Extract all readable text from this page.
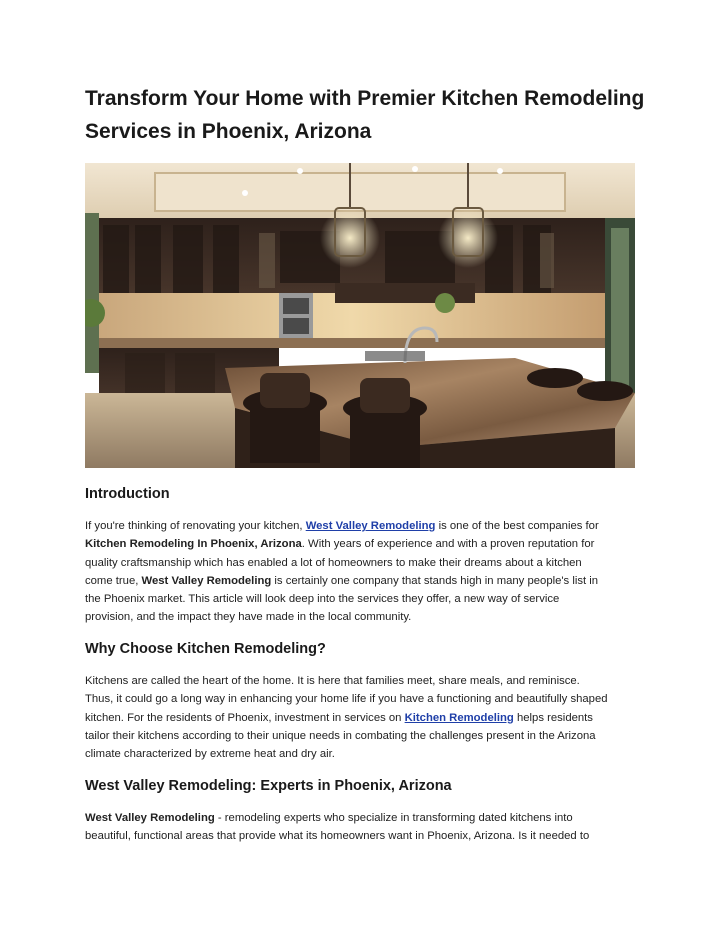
Transform Your Home with Premier Kitchen Remodeling Services in Phoenix, Arizona
Introduction

If you're thinking of renovating your kitchen, West Valley Remodeling is one of the best companies for
Kitchen Remodeling In Phoenix, Arizona. With years of experience and with a proven reputation for
quality craftsmanship which has enabled a lot of homeowners to make their dreams about a kitchen
come true, West Valley Remodeling is certainly one company that stands high in many people's list in
the Phoenix market. This article will look deep into the services they offer, a new way of service
provision, and the impact they have made in the local community.

Why Choose Kitchen Remodeling?

Kitchens are called the heart of the home. It is here that families meet, share meals, and reminisce.
Thus, it could go a long way in enhancing your home life if you have a functioning and beautifully shaped
kitchen. For the residents of Phoenix, investment in services on Kitchen Remodeling helps residents
tailor their kitchens according to their unique needs in combating the challenges present in the Arizona
climate characterized by extreme heat and dry air.

West Valley Remodeling: Experts in Phoenix, Arizona

West Valley Remodeling - remodeling experts who specialize in transforming dated kitchens into
beautiful, functional areas that provide what its homeowners want in Phoenix, Arizona. Is it needed to
